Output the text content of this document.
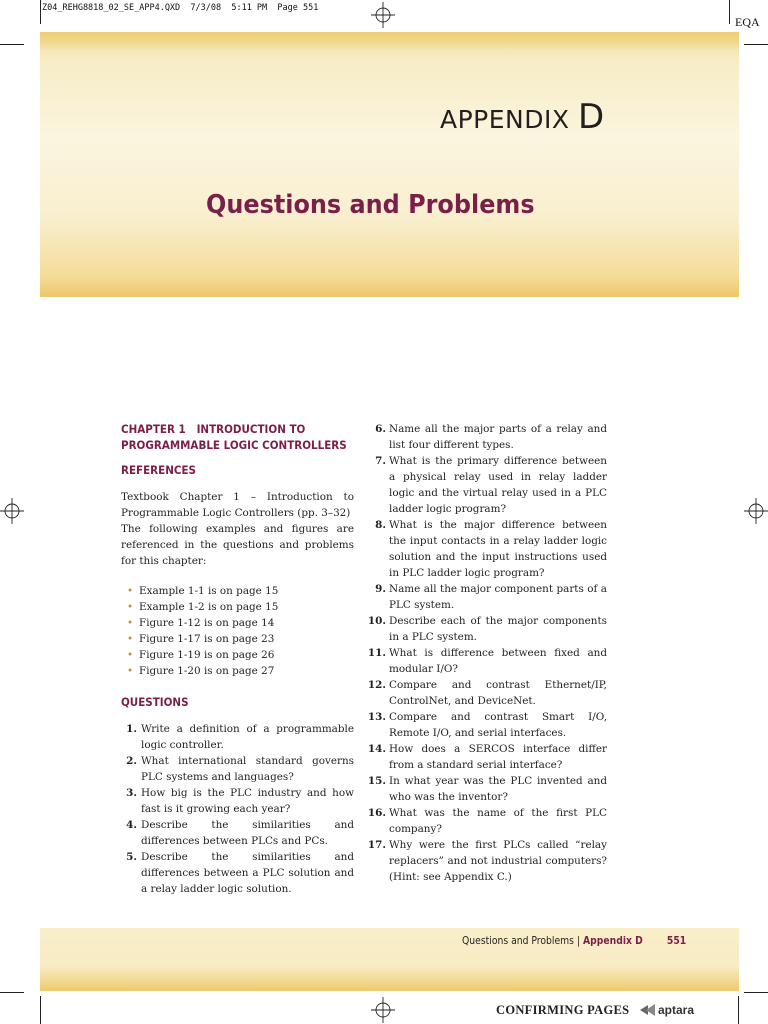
Z04_REHG8818_02_SE_APP4.QXD  7/3/08  5:11 PM  Page 551
EQA
APPENDIX D
Questions and Problems
CHAPTER 1   INTRODUCTION TO
PROGRAMMABLE LOGIC CONTROLLERS
REFERENCES
Textbook Chapter 1 – Introduction to Programmable Logic Controllers (pp. 3–32)
The following examples and figures are referenced in the questions and problems for this chapter:
• Example 1-1 is on page 15
• Example 1-2 is on page 15
• Figure 1-12 is on page 14
• Figure 1-17 is on page 23
• Figure 1-19 is on page 26
• Figure 1-20 is on page 27
QUESTIONS
1. Write a definition of a programmable logic controller.
2. What international standard governs PLC systems and languages?
3. How big is the PLC industry and how fast is it growing each year?
4. Describe the similarities and differences between PLCs and PCs.
5. Describe the similarities and differences between a PLC solution and a relay ladder logic solution.
6. Name all the major parts of a relay and list four different types.
7. What is the primary difference between a physical relay used in relay ladder logic and the virtual relay used in a PLC ladder logic program?
8. What is the major difference between the input contacts in a relay ladder logic solution and the input instructions used in PLC ladder logic program?
9. Name all the major component parts of a PLC system.
10. Describe each of the major components in a PLC system.
11. What is difference between fixed and modular I/O?
12. Compare and contrast Ethernet/IP, ControlNet, and DeviceNet.
13. Compare and contrast Smart I/O, Remote I/O, and serial interfaces.
14. How does a SERCOS interface differ from a standard serial interface?
15. In what year was the PLC invented and who was the inventor?
16. What was the name of the first PLC company?
17. Why were the first PLCs called “relay replacers” and not industrial computers? (Hint: see Appendix C.)
Questions and Problems | Appendix D 551
CONFIRMING PAGES aptara
